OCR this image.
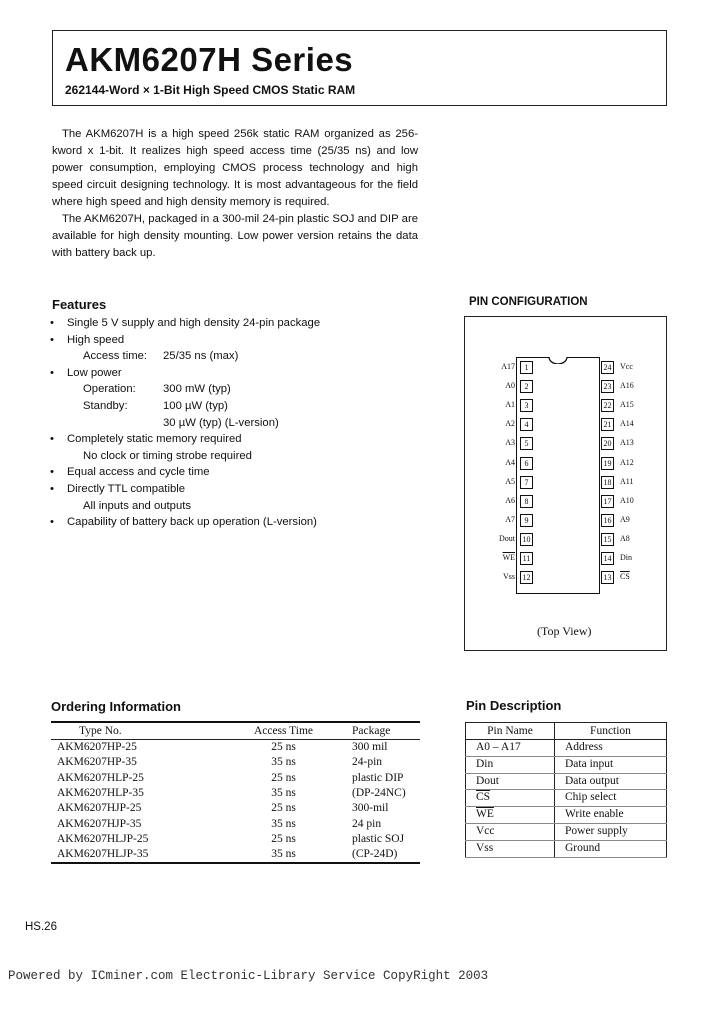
AKM6207H Series
262144-Word × 1-Bit High Speed CMOS Static RAM

The AKM6207H is a high speed 256k static RAM organized as 256-kword x 1-bit. It realizes high speed access time (25/35 ns) and low power consumption, employing CMOS process technology and high speed circuit designing technology. It is most advantageous for the field where high speed and high density memory is required.

The AKM6207H, packaged in a 300-mil 24-pin plastic SOJ and DIP are available for high density mounting. Low power version retains the data with battery back up.

Features
• Single 5 V supply and high density 24-pin package
• High speed
Access time: 25/35 ns (max)
• Low power
Operation: 300 mW (typ)
Standby:	100 µW (typ)
30 µW (typ) (L-version)
• Completely static memory required
No clock or timing strobe required
• Equal access and cycle time
• Directly TTL compatible
All inputs and outputs
• Capability of battery back up operation (L-version)
PIN CONFIGURATION
A17	1
A0	2
A1	3
A2	4
A3	5
A4	6
A5	7
A6	8
A7	9
Dout 10
$\overline{WE}$ 11
Vss 12
24	Vcc
23	A16
22	A15
21	A14
20	A13
19	A12
18	A11
17	A10
16	A9
15	A8
14	Din
13	$\overline{CS}$
(Top View)
Ordering Information
Type No.	Access Time	Package
AKM6207HP-25	25 ns	300 mil
AKM6207HP-35	35 ns	24-pin
AKM6207HLP-25	25 ns	plastic DIP
AKM6207HLP-35	35 ns	(DP-24NC)
AKM6207HJP-25	25 ns	300-mil
AKM6207HJP-35	35 ns	24 pin
AKM6207HLJP-25	25 ns	plastic SOJ
AKM6207HLJP-35	35 ns	(CP-24D)
Pin Description
Pin Name	Function
A0 – A17	Address
Din	Data input
Dout	Data output
$\overline{CS}$	Chip select
$\overline{WE}$	Write enable
Vcc	Power supply
Vss	Ground
HS.26
Powered by ICminer.com Electronic-Library Service CopyRight 2003
